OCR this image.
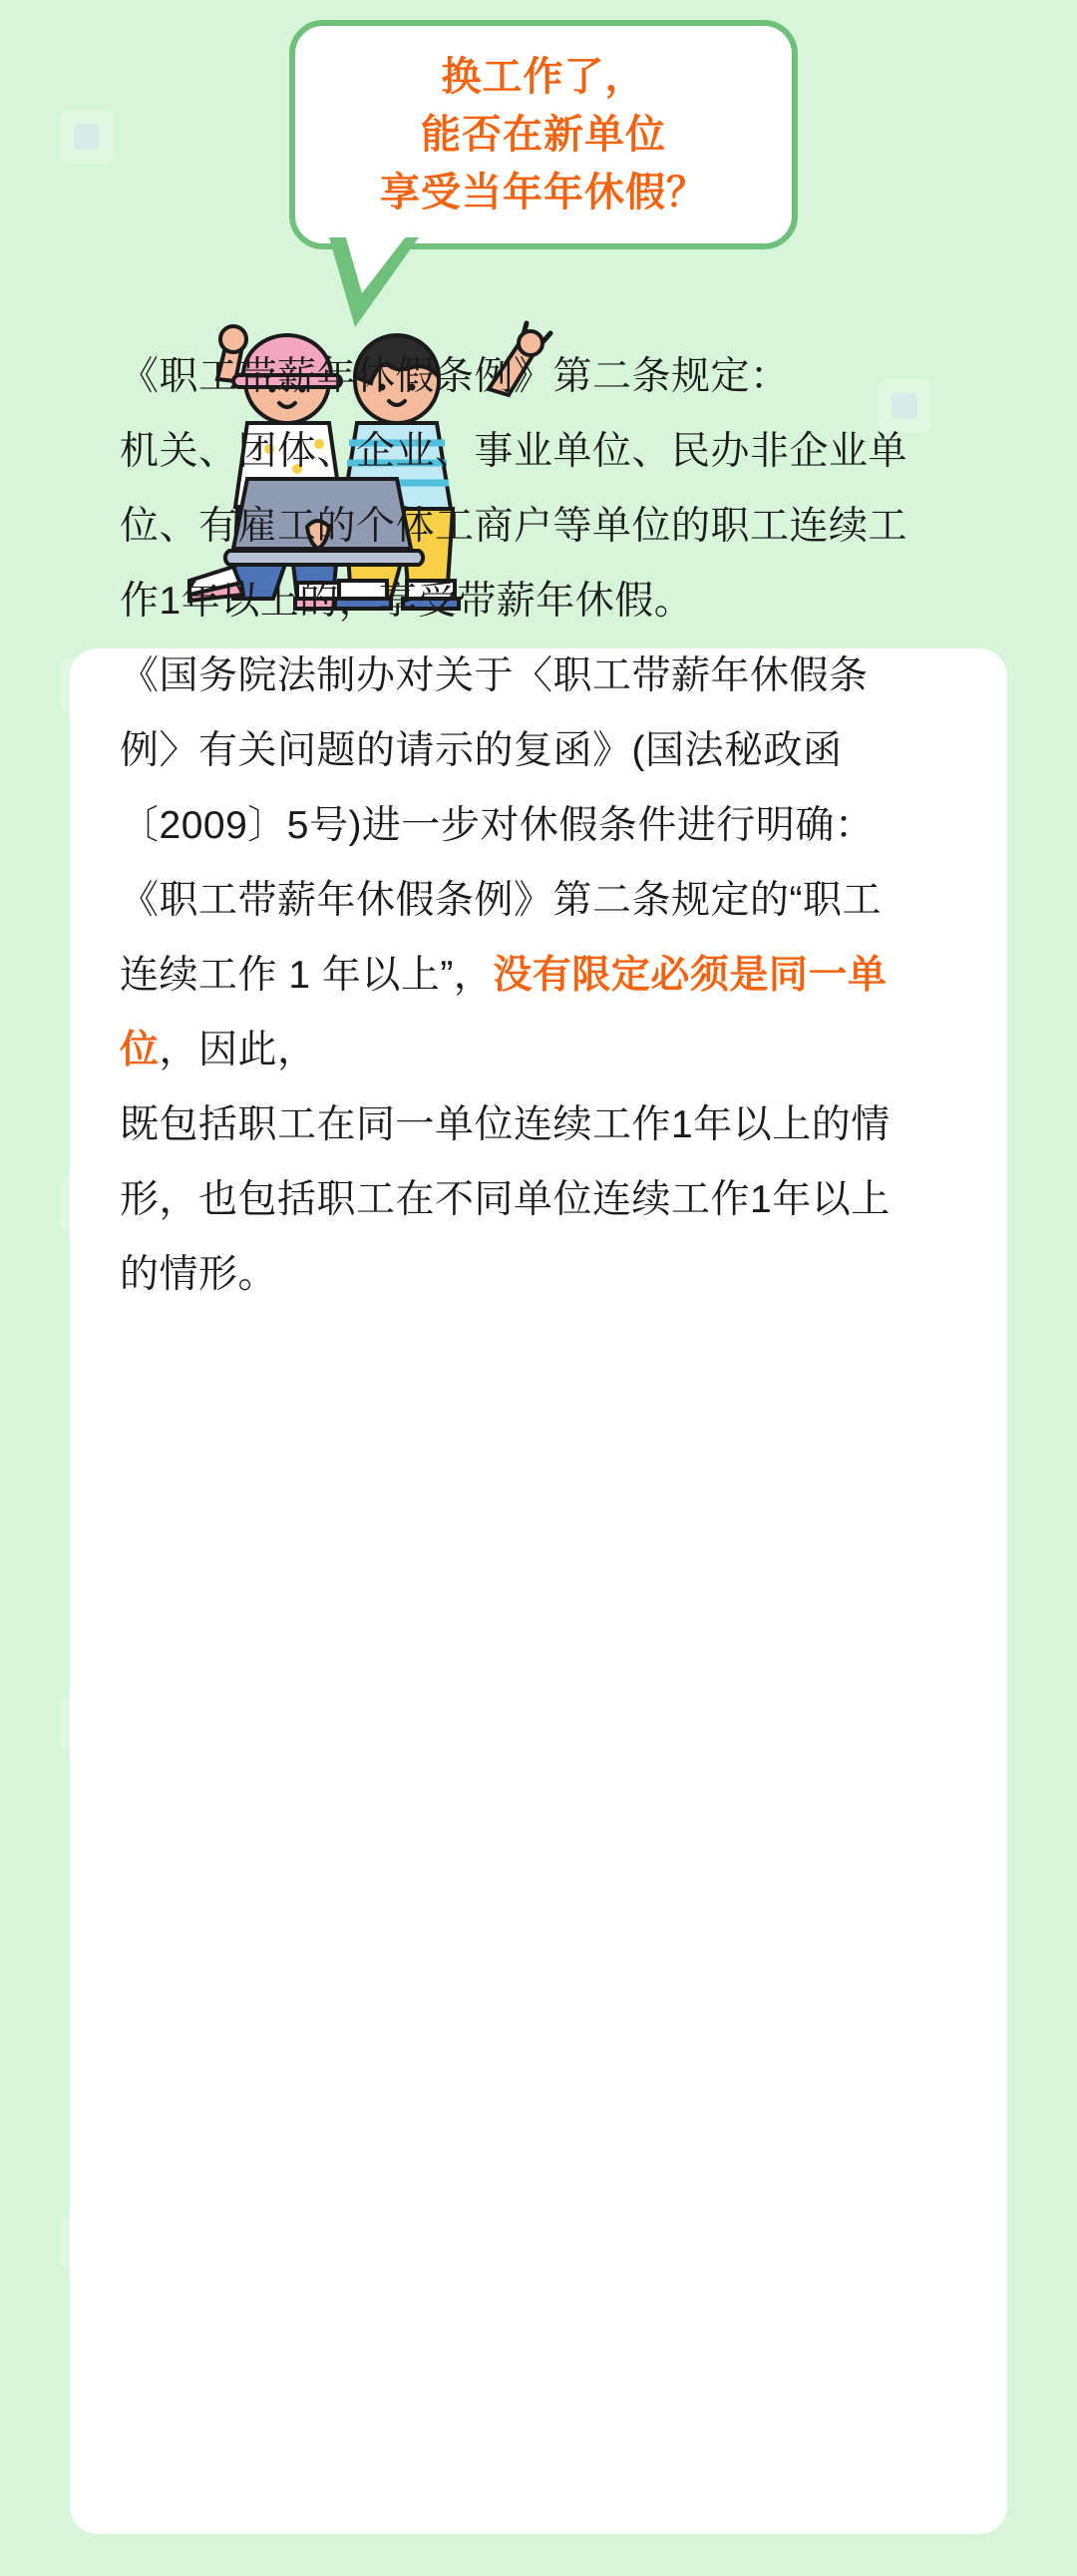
换工作了，
能否在新单位
享受当年年休假？

《职工带薪年休假条例》第二条规定：

机关、团体、企业、事业单位、民办非企业单位、有雇工的个体工商户等单位的职工连续工作1年以上的，享受带薪年休假。

《国务院法制办对关于〈职工带薪年休假条例〉有关问题的请示的复函》(国法秘政函〔2009〕5号)进一步对休假条件进行明确：

《职工带薪年休假条例》第二条规定的“职工连续工作 1 年以上”，没有限定必须是同一单位，因此，

既包括职工在同一单位连续工作1年以上的情形，也包括职工在不同单位连续工作1年以上的情形。
